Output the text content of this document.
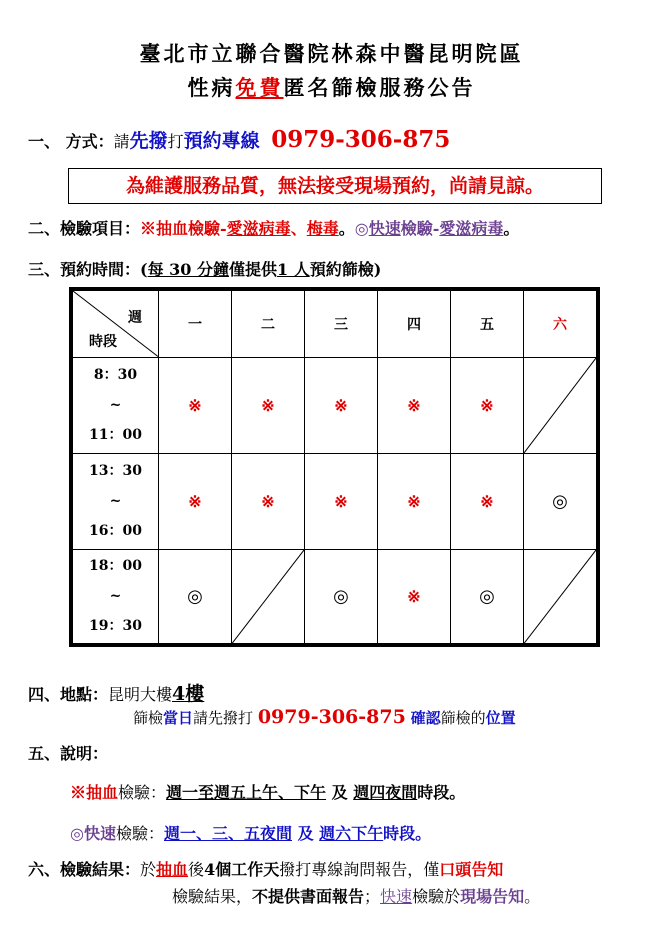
臺北市立聯合醫院林森中醫昆明院區
性病免費匿名篩檢服務公告
一、 方式：請先撥打預約專線 0979-306-875
為維護服務品質，無法接受現場預約，尚請見諒。
二、檢驗項目：※抽血檢驗-愛滋病毒、梅毒。◎快速檢驗-愛滋病毒。
三、預約時間：(每 30 分鐘僅提供1 人預約篩檢)
週
時段	一	二	三	四	五	六

8：30
~
11：00	※	※	※	※	※	

13：30
~
16：00	※	※	※	※	※	◎

18：00
~
19：30	◎		◎	※	◎	
四、地點：昆明大樓4樓
篩檢當日請先撥打 0979-306-875 確認篩檢的位置
五、說明：
※抽血檢驗：週一至週五上午、下午 及 週四夜間時段。
◎快速檢驗：週一、三、五夜間 及 週六下午時段。
六、檢驗結果：於抽血後4個工作天撥打專線詢問報告，僅口頭告知
檢驗結果，不提供書面報告；快速檢驗於現場告知。
